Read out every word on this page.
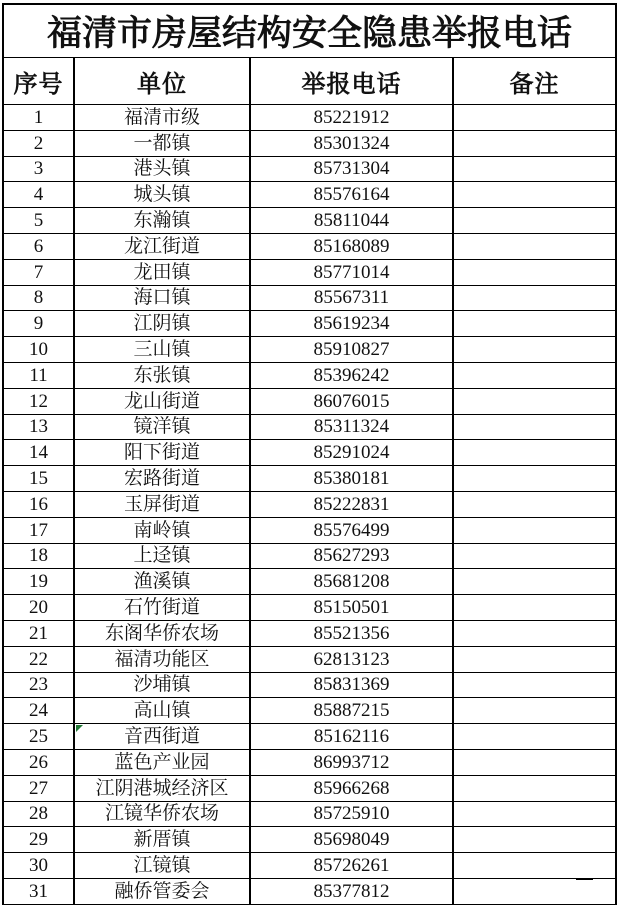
福清市房屋结构安全隐患举报电话			
序号	单位	举报电话	备注
1	福清市级	85221912	
2	一都镇	85301324	
3	港头镇	85731304	
4	城头镇	85576164	
5	东瀚镇	85811044	
6	龙江街道	85168089	
7	龙田镇	85771014	
8	海口镇	85567311	
9	江阴镇	85619234	
10	三山镇	85910827	
11	东张镇	85396242	
12	龙山街道	86076015	
13	镜洋镇	85311324	
14	阳下街道	85291024	
15	宏路街道	85380181	
16	玉屏街道	85222831	
17	南岭镇	85576499	
18	上迳镇	85627293	
19	渔溪镇	85681208	
20	石竹街道	85150501	
21	东阁华侨农场	85521356	
22	福清功能区	62813123	
23	沙埔镇	85831369	
24	高山镇	85887215	
25	音西街道	85162116	
26	蓝色产业园	86993712	
27	江阴港城经济区	85966268	
28	江镜华侨农场	85725910	
29	新厝镇	85698049	
30	江镜镇	85726261	

31	融侨管委会	85377812	
